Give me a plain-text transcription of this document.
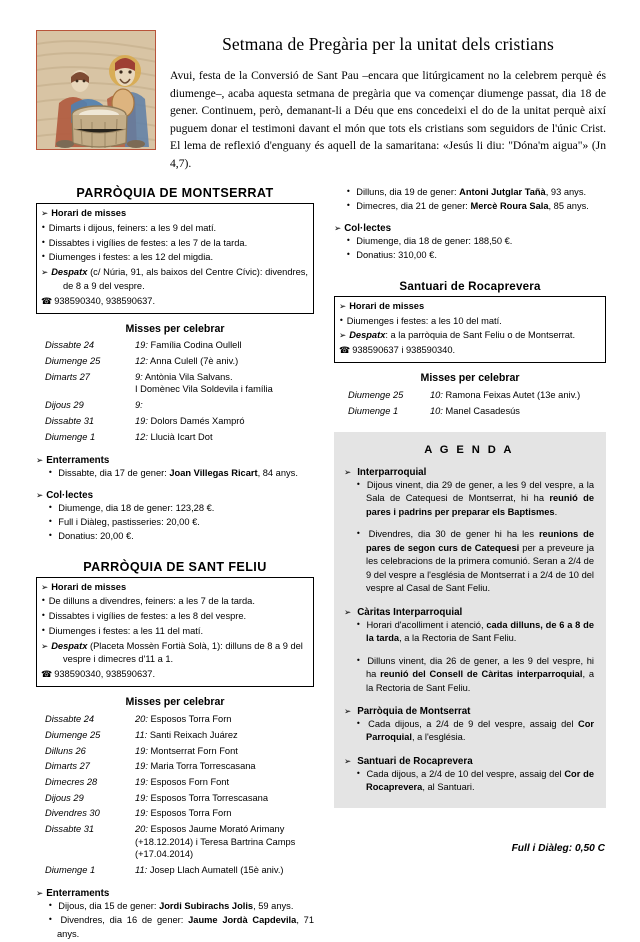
Setmana de Pregària per la unitat dels cristians

Avui, festa de la Conversió de Sant Pau –encara que litúrgicament no la celebrem perquè és diumenge–, acaba aquesta setmana de pregària que va començar diumenge passat, dia 18 de gener. Continuem, però, demanant-li a Déu que ens concedeixi el do de la unitat perquè així puguem donar el testimoni davant el món que tots els cristians som seguidors de l'únic Crist. El lema de reflexió d'enguany és aquell de la samaritana: «Jesús li diu: "Dóna'm aigua"» (Jn 4,7).

PARRÒQUIA DE MONTSERRAT

➢ Horari de misses

• Dimarts i dijous, feiners: a les 9 del matí.

• Dissabtes i vigílies de festes: a les 7 de la tarda.

• Diumenges i festes: a les 12 del migdia.

➢ Despatx (c/ Núria, 91, als baixos del Centre Cívic): divendres, de 8 a 9 del vespre.

☎ 938590340, 938590637.

Misses per celebrar
Dissabte 24	19: Família Codina Oullell
Diumenge 25	12: Anna Culell (7è aniv.)
Dimarts 27	9: Antònia Vila Salvans.
I Domènec Vila Soldevila i família
Dijous 29	9:
Dissabte 31	19: Dolors Damés Xampró
Diumenge 1	12: Llucià Icart Dot
➢ Enterraments
• Dissabte, dia 17 de gener: Joan Villegas Ricart, 84 anys.
➢ Col·lectes
• Diumenge, dia 18 de gener: 123,28 €.
• Full i Diàleg, pastisseries: 20,00 €.
• Donatius: 20,00 €.
PARRÒQUIA DE SANT FELIU

➢ Horari de misses

• De dilluns a divendres, feiners: a les 7 de la tarda.

• Dissabtes i vigílies de festes: a les 8 del vespre.

• Diumenges i festes: a les 11 del matí.

➢ Despatx (Placeta Mossèn Fortià Solà, 1): dilluns de 8 a 9 del vespre i dimecres d'11 a 1.

☎ 938590340, 938590637.

Misses per celebrar
Dissabte 24	20: Esposos Torra Forn
Diumenge 25	11: Santi Reixach Juárez
Dilluns 26	19: Montserrat Forn Font
Dimarts 27	19: Maria Torra Torrescasana
Dimecres 28	19: Esposos Forn Font
Dijous 29	19: Esposos Torra Torrescasana
Divendres 30	19: Esposos Torra Forn
Dissabte 31	20: Esposos Jaume Morató Arimany
(+18.12.2014) i Teresa Bartrina Camps
(+17.04.2014)
Diumenge 1	11: Josep Llach Aumatell (15è aniv.)
➢ Enterraments
• Dijous, dia 15 de gener: Jordi Subirachs Jolis, 59 anys.
• Divendres, dia 16 de gener: Jaume Jordà Capdevila, 71 anys.
• Dilluns, dia 19 de gener: Antoni Jutglar Tañà, 93 anys.
• Dimecres, dia 21 de gener: Mercè Roura Sala, 85 anys.
➢ Col·lectes
• Diumenge, dia 18 de gener: 188,50 €.
• Donatius: 310,00 €.
Santuari de Rocaprevera

➢ Horari de misses

• Diumenges i festes: a les 10 del matí.

➢ Despatx: a la parròquia de Sant Feliu o de Montserrat.

☎ 938590637 i 938590340.

Misses per celebrar
Diumenge 25	10: Ramona Feixas Autet (13e aniv.)
Diumenge 1	10: Manel Casadesús
A G E N D A
➢ Interparroquial
• Dijous vinent, dia 29 de gener, a les 9 del vespre, a la Sala de Catequesi de Montserrat, hi ha reunió de pares i padrins per preparar els Baptismes.
• Divendres, dia 30 de gener hi ha les reunions de pares de segon curs de Catequesi per a preveure ja les celebracions de la primera comunió. Seran a 2/4 de 9 del vespre a l'església de Montserrat i a 2/4 de 10 del vespre al Casal de Sant Feliu.
➢ Càritas Interparroquial
• Horari d'acolliment i atenció, cada dilluns, de 6 a 8 de la tarda, a la Rectoria de Sant Feliu.
• Dilluns vinent, dia 26 de gener, a les 9 del vespre, hi ha reunió del Consell de Càritas interparroquial, a la Rectoria de Sant Feliu.
➢ Parròquia de Montserrat
• Cada dijous, a 2/4 de 9 del vespre, assaig del Cor Parroquial, a l'església.
➢ Santuari de Rocaprevera
• Cada dijous, a 2/4 de 10 del vespre, assaig del Cor de Rocaprevera, al Santuari.
Full i Diàleg: 0,50 C
